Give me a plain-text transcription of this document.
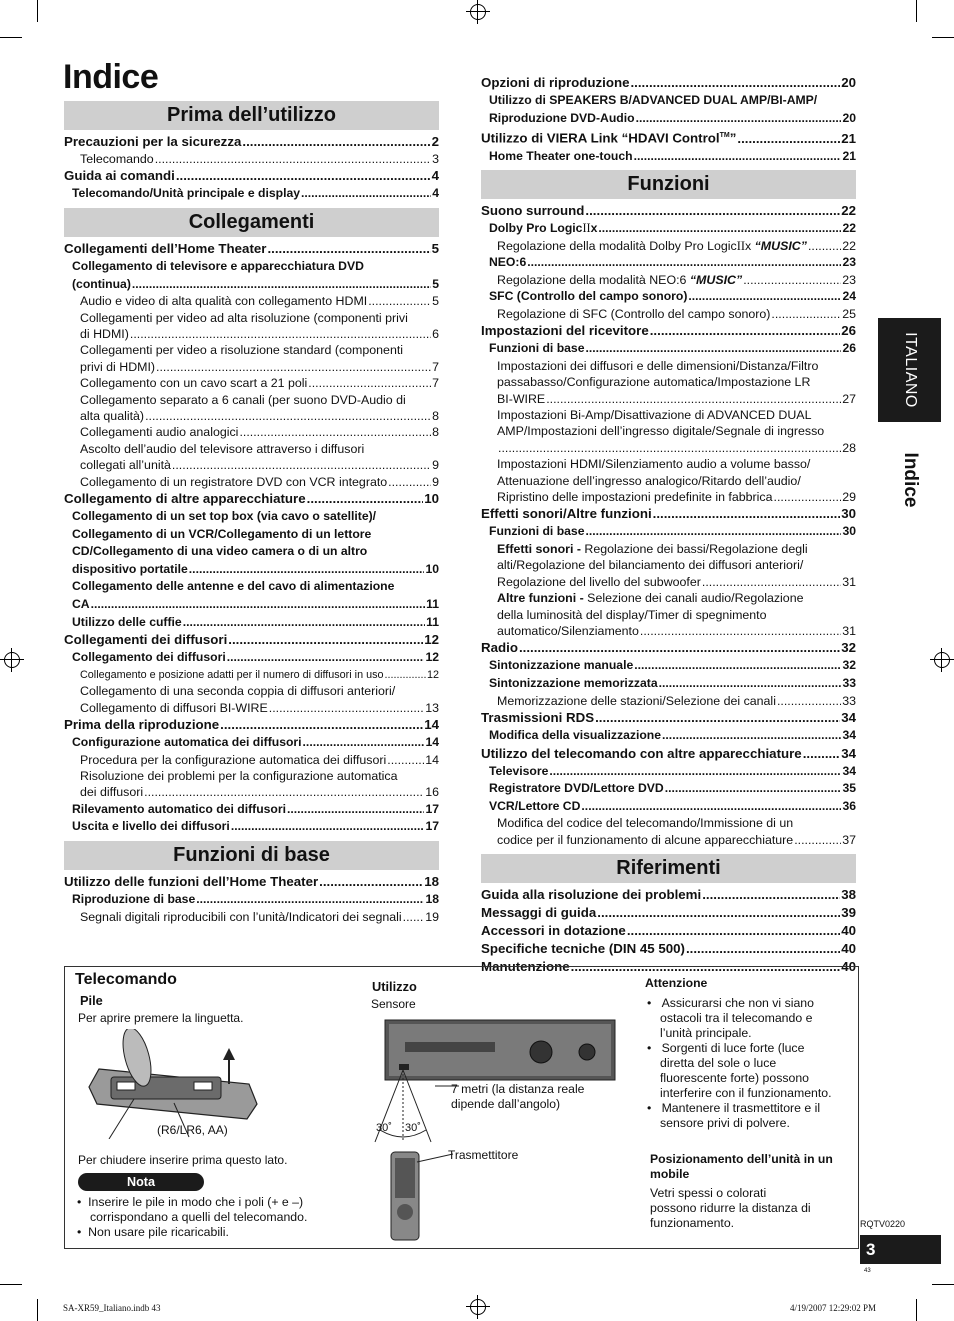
Indice
ITALIANO
Indice
Prima dell’utilizzo
Precauzioni per la sicurezza .....	2
Telecomando .....	3
Guida ai comandi .....	4
Telecomando/Unità principale e display .....	4
Collegamenti
Collegamenti dell’Home Theater .....	5
Collegamento di televisore e apparecchiatura DVD
(continua) .....	5
Audio e video di alta qualità con collegamento HDMI .....	5
Collegamenti per video ad alta risoluzione (componenti privi
di HDMI) .....	6
Collegamenti per video a risoluzione standard (componenti
privi di HDMI) .....	7
Collegamento con un cavo scart a 21 poli .....	7
Collegamento separato a 6 canali (per suono DVD-Audio di
alta qualità) .....	8
Collegamenti audio analogici .....	8
Ascolto dell’audio del televisore attraverso i diffusori
collegati all’unità .....	9
Collegamento di un registratore DVD con VCR integrato .....	9
Collegamento di altre apparecchiature .....	10
Collegamento di un set top box (via cavo o satellite)/
Collegamento di un VCR/Collegamento di un lettore
CD/Collegamento di una video camera o di un altro
dispositivo portatile .....	10
Collegamento delle antenne e del cavo di alimentazione
CA .....	11
Utilizzo delle cuffie .....	11
Collegamenti dei diffusori .....	12
Collegamento dei diffusori .....	12
Collegamento e posizione adatti per il numero di diffusori in uso .....	12
Collegamento di una seconda coppia di diffusori anteriori/
Collegamento di diffusori BI-WIRE .....	13
Prima della riproduzione .....	14
Configurazione automatica dei diffusori .....	14
Procedura per la configurazione automatica dei diffusori .....	14
Risoluzione dei problemi per la configurazione automatica
dei diffusori .....	16
Rilevamento automatico dei diffusori .....	17
Uscita e livello dei diffusori .....	17
Funzioni di base
Utilizzo delle funzioni dell’Home Theater .....	18
Riproduzione di base .....	18
Segnali digitali riproducibili con l’unità/Indicatori dei segnali ..... 19
Opzioni di riproduzione .....	20
Utilizzo di SPEAKERS B/ADVANCED DUAL AMP/BI-AMP/
Riproduzione DVD-Audio .....	20
Utilizzo di VIERA Link “HDAVI Control™” .....	21
Home Theater one-touch .....	21
Funzioni
Suono surround .....	22
Dolby Pro LogicIIx .....	22
Regolazione della modalità Dolby Pro LogicIIx “MUSIC” .....	22
NEO:6 .....	23
Regolazione della modalità NEO:6 “MUSIC” .....	23
SFC (Controllo del campo sonoro) .....	24
Regolazione di SFC (Controllo del campo sonoro) .....	25
Impostazioni del ricevitore .....	26
Funzioni di base .....	26
Impostazioni dei diffusori e delle dimensioni/Distanza/Filtro
passabasso/Configurazione automatica/Impostazione LR
BI-WIRE .....	27
Impostazioni Bi-Amp/Disattivazione di ADVANCED DUAL
AMP/Impostazioni dell’ingresso digitale/Segnale di ingresso
.....
28
Impostazioni HDMI/Silenziamento audio a volume basso/
Attenuazione dell’ingresso analogico/Ritardo dell’audio/
Ripristino delle impostazioni predefinite in fabbrica .....	29
Effetti sonori/Altre funzioni .....	30
Funzioni di base .....	30
Effetti sonori - Regolazione dei bassi/Regolazione degli
alti/Regolazione del bilanciamento dei diffusori anteriori/
Regolazione del livello del subwoofer .....	31
Altre funzioni - Selezione dei canali audio/Regolazione
della luminosità del display/Timer di spegnimento
automatico/Silenziamento .....	31
Radio .....	32
Sintonizzazione manuale .....	32
Sintonizzazione memorizzata .....	33
Memorizzazione delle stazioni/Selezione dei canali .....	33
Trasmissioni RDS .....	34
Modifica della visualizzazione .....	34
Utilizzo del telecomando con altre apparecchiature .....	34
Televisore .....	34
Registratore DVD/Lettore DVD .....	35
VCR/Lettore CD .....	36
Modifica del codice del telecomando/Immissione di un
codice per il funzionamento di alcune apparecchiature .....	37
Riferimenti
Guida alla risoluzione dei problemi .....	38
Messaggi di guida .....	39
Accessori in dotazione .....	40
Specifiche tecniche (DIN 45 500) .....	40
Manutenzione .....	40
Telecomando
Pile
Per aprire premere la linguetta.
(R6/LR6, AA)
Per chiudere inserire prima questo lato.
Nota
•  Inserire le pile in modo che i poli (+ e –)
corrispondano a quelli del telecomando.
•  Non usare pile ricaricabili.
Utilizzo
Sensore
30˚ 30˚
7 metri (la distanza reale
dipende dall’angolo)
Trasmettitore
Attenzione
•   Assicurarsi che non vi siano
ostacoli tra il telecomando e
l’unità principale.
•   Sorgenti di luce forte (luce
diretta del sole o luce
fluorescente forte) possono
interferire con il funzionamento.
•   Mantenere il trasmettitore e il
sensore privi di polvere.
Posizionamento dell’unità in un
mobile
Vetri spessi o colorati
possono ridurre la distanza di
funzionamento.	RQTV0220
3
43
SA-XR59_Italiano.indb 43	4/19/2007 12:29:02 PM
